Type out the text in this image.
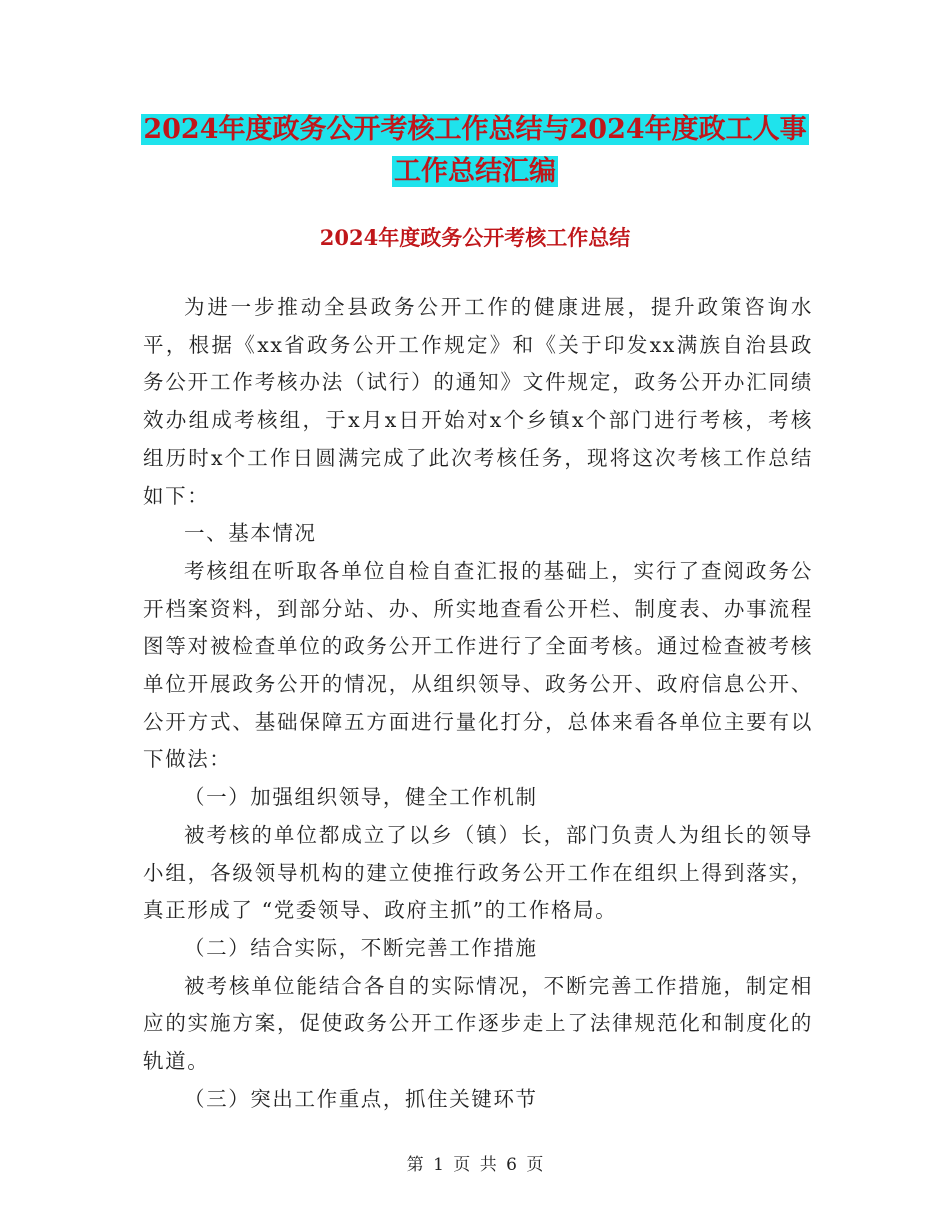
2024年度政务公开考核工作总结与2024年度政工人事
工作总结汇编
2024年度政务公开考核工作总结

为进一步推动全县政务公开工作的健康进展，提升政策咨询水平，根据《xx省政务公开工作规定》和《关于印发xx满族自治县政务公开工作考核办法（试行）的通知》文件规定，政务公开办汇同绩效办组成考核组，于x月x日开始对x个乡镇x个部门进行考核，考核组历时x个工作日圆满完成了此次考核任务，现将这次考核工作总结如下：

一、基本情况

考核组在听取各单位自检自查汇报的基础上，实行了查阅政务公开档案资料，到部分站、办、所实地查看公开栏、制度表、办事流程图等对被检查单位的政务公开工作进行了全面考核。通过检查被考核单位开展政务公开的情况，从组织领导、政务公开、政府信息公开、公开方式、基础保障五方面进行量化打分，总体来看各单位主要有以下做法：

（一）加强组织领导，健全工作机制

被考核的单位都成立了以乡（镇）长，部门负责人为组长的领导小组，各级领导机构的建立使推行政务公开工作在组织上得到落实，真正形成了 “党委领导、政府主抓”的工作格局。

（二）结合实际，不断完善工作措施

被考核单位能结合各自的实际情况，不断完善工作措施，制定相应的实施方案，促使政务公开工作逐步走上了法律规范化和制度化的轨道。

（三）突出工作重点，抓住关键环节

第 1 页 共 6 页
